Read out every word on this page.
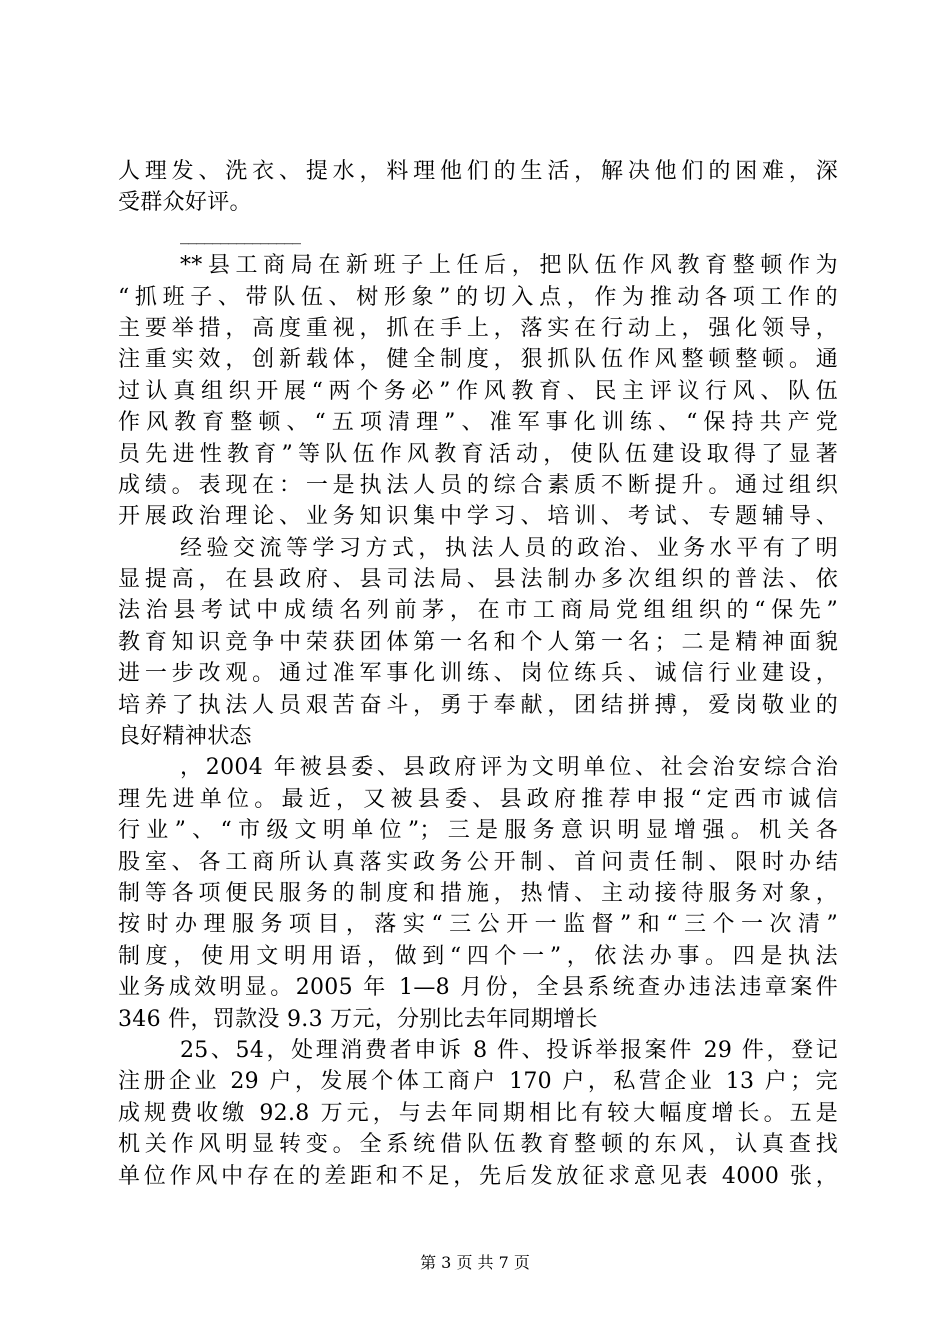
人理发、洗衣、提水，料理他们的生活，解决他们的困难，深
受群众好评。
_______________
**县工商局在新班子上任后，把队伍作风教育整顿作为
“抓班子、带队伍、树形象”的切入点，作为推动各项工作的
主要举措，高度重视，抓在手上，落实在行动上，强化领导，
注重实效，创新载体，健全制度，狠抓队伍作风整顿整顿。通
过认真组织开展“两个务必”作风教育、民主评议行风、队伍
作风教育整顿、“五项清理”、准军事化训练、“保持共产党
员先进性教育”等队伍作风教育活动，使队伍建设取得了显著
成绩。表现在：一是执法人员的综合素质不断提升。通过组织
开展政治理论、业务知识集中学习、培训、考试、专题辅导、
经验交流等学习方式，执法人员的政治、业务水平有了明
显提高，在县政府、县司法局、县法制办多次组织的普法、依
法治县考试中成绩名列前茅，在市工商局党组组织的“保先”
教育知识竞争中荣获团体第一名和个人第一名；二是精神面貌
进一步改观。通过准军事化训练、岗位练兵、诚信行业建设，
培养了执法人员艰苦奋斗，勇于奉献，团结拼搏，爱岗敬业的
良好精神状态
，2004 年被县委、县政府评为文明单位、社会治安综合治
理先进单位。最近，又被县委、县政府推荐申报“定西市诚信
行业”、“市级文明单位”；三是服务意识明显增强。机关各
股室、各工商所认真落实政务公开制、首问责任制、限时办结
制等各项便民服务的制度和措施，热情、主动接待服务对象，
按时办理服务项目，落实“三公开一监督”和“三个一次清”
制度，使用文明用语，做到“四个一”，依法办事。四是执法
业务成效明显。2005 年 1—8 月份，全县系统查办违法违章案件
346 件，罚款没 9.3 万元，分别比去年同期增长
25、54，处理消费者申诉 8 件、投诉举报案件 29 件，登记
注册企业 29 户，发展个体工商户 170 户，私营企业 13 户；完
成规费收缴 92.8 万元，与去年同期相比有较大幅度增长。五是
机关作风明显转变。全系统借队伍教育整顿的东风，认真查找
单位作风中存在的差距和不足，先后发放征求意见表 4000 张，
第 3 页 共 7 页
